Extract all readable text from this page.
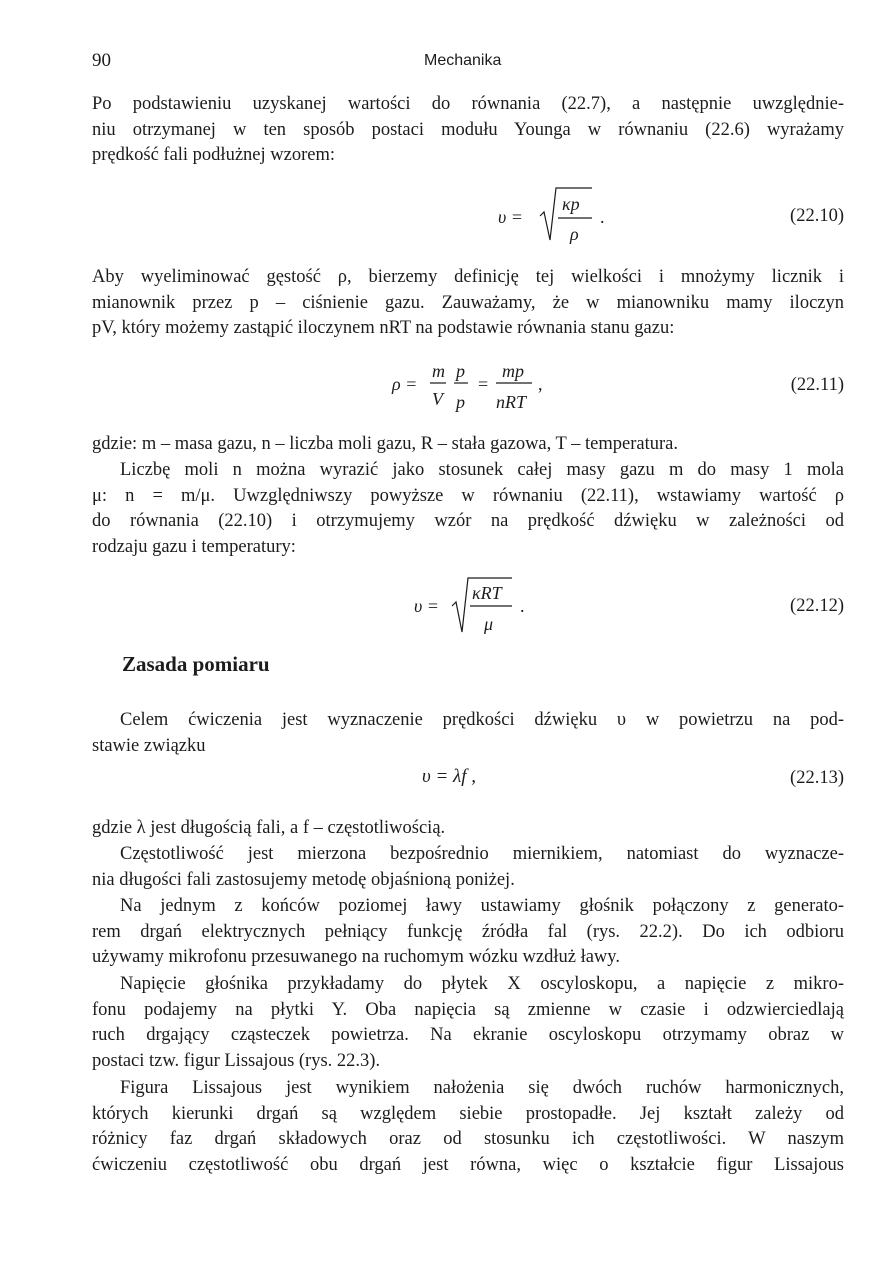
90	Mechanika

Po podstawieniu uzyskanej wartości do równania (22.7), a następnie uwzględnie-
niu otrzymanej w ten sposób postaci modułu Younga w równaniu (22.6) wyrażamy
prędkość fali podłużnej wzorem:

υ =
κp
ρ
.	(22.10)

Aby wyeliminować gęstość ρ, bierzemy definicję tej wielkości i mnożymy licznik i
mianownik przez p – ciśnienie gazu. Zauważamy, że w mianowniku mamy iloczyn
pV, który możemy zastąpić iloczynem nRT na podstawie równania stanu gazu:

ρ =
m
V
p
p
=
mp
nRT
,	(22.11)

gdzie: m – masa gazu, n – liczba moli gazu, R – stała gazowa, T – temperatura.

Liczbę moli n można wyrazić jako stosunek całej masy gazu m do masy 1 mola
μ: n = m/μ. Uwzględniwszy powyższe w równaniu (22.11), wstawiamy wartość ρ
do równania (22.10) i otrzymujemy wzór na prędkość dźwięku w zależności od
rodzaju gazu i temperatury:

υ =
κRT
μ
.	(22.12)
Zasada pomiaru

Celem ćwiczenia jest wyznaczenie prędkości dźwięku υ w powietrzu na pod-
stawie związku

υ = λf ,	(22.13)

gdzie λ jest długością fali, a f – częstotliwością.

Częstotliwość jest mierzona bezpośrednio miernikiem, natomiast do wyznacze-
nia długości fali zastosujemy metodę objaśnioną poniżej.

Na jednym z końców poziomej ławy ustawiamy głośnik połączony z generato-
rem drgań elektrycznych pełniący funkcję źródła fal (rys. 22.2). Do ich odbioru
używamy mikrofonu przesuwanego na ruchomym wózku wzdłuż ławy.

Napięcie głośnika przykładamy do płytek X oscyloskopu, a napięcie z mikro-
fonu podajemy na płytki Y. Oba napięcia są zmienne w czasie i odzwierciedlają
ruch drgający cząsteczek powietrza. Na ekranie oscyloskopu otrzymamy obraz w
postaci tzw. figur Lissajous (rys. 22.3).

Figura Lissajous jest wynikiem nałożenia się dwóch ruchów harmonicznych,
których kierunki drgań są względem siebie prostopadłe. Jej kształt zależy od
różnicy faz drgań składowych oraz od stosunku ich częstotliwości. W naszym
ćwiczeniu częstotliwość obu drgań jest równa, więc o kształcie figur Lissajous
